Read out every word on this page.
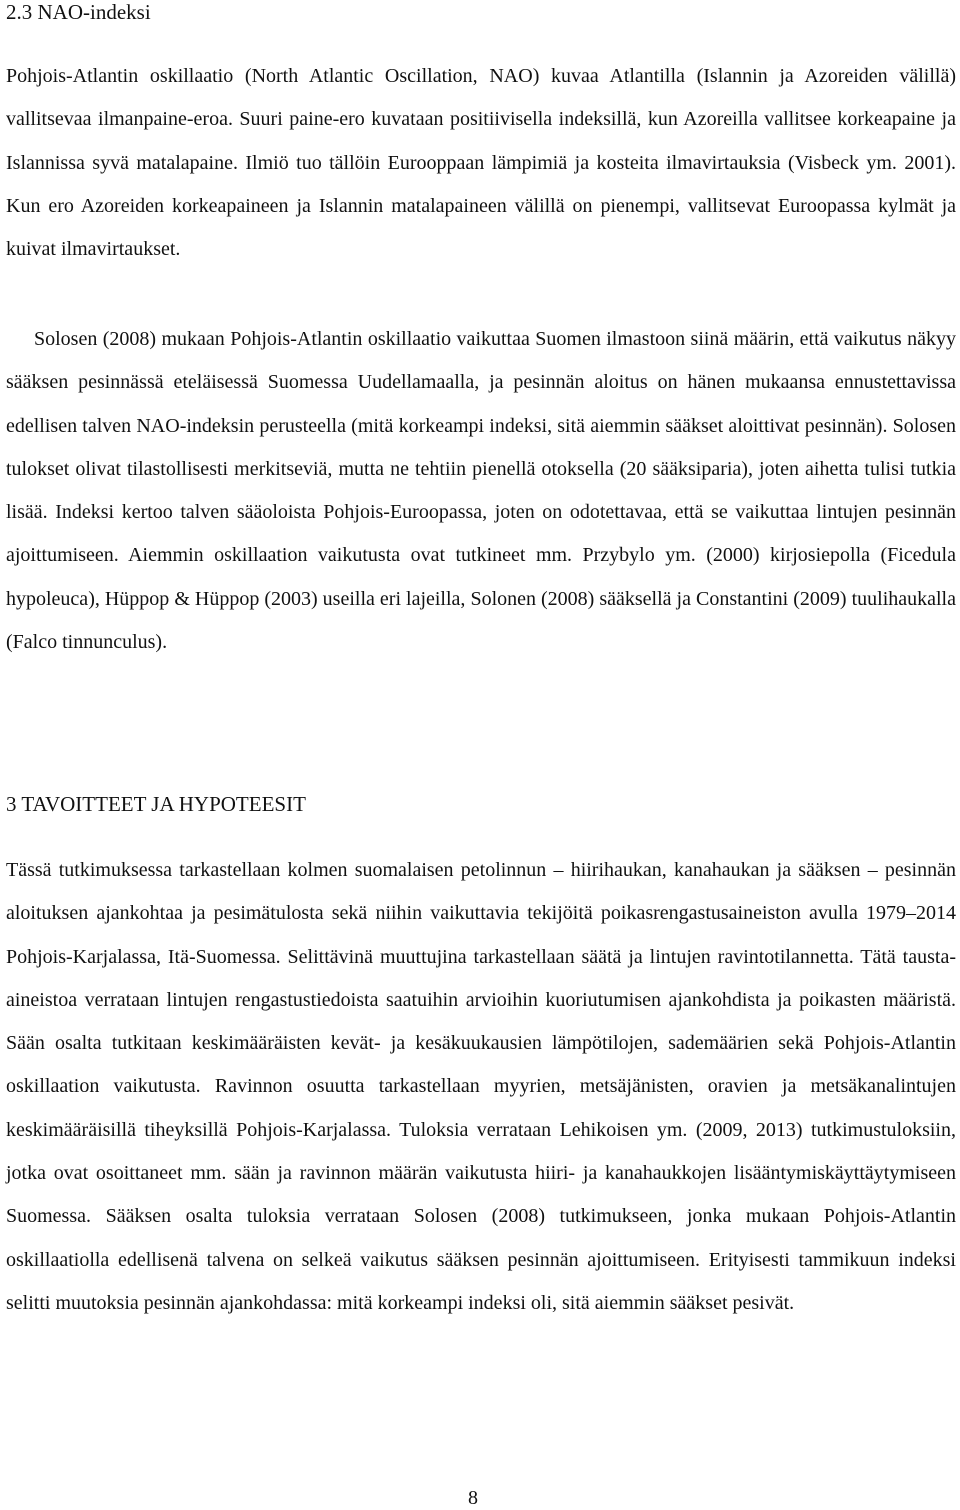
2.3 NAO-indeksi

Pohjois-Atlantin oskillaatio (North Atlantic Oscillation, NAO) kuvaa Atlantilla (Islannin ja Azoreiden välillä) vallitsevaa ilmanpaine-eroa. Suuri paine-ero kuvataan positiivisella indeksillä, kun Azoreilla vallitsee korkeapaine ja Islannissa syvä matalapaine. Ilmiö tuo tällöin Eurooppaan lämpimiä ja kosteita ilmavirtauksia (Visbeck ym. 2001). Kun ero Azoreiden korkeapaineen ja Islannin matalapaineen välillä on pienempi, vallitsevat Euroopassa kylmät ja kuivat ilmavirtaukset.

Solosen (2008) mukaan Pohjois-Atlantin oskillaatio vaikuttaa Suomen ilmastoon siinä määrin, että vaikutus näkyy sääksen pesinnässä eteläisessä Suomessa Uudellamaalla, ja pesinnän aloitus on hänen mukaansa ennustettavissa edellisen talven NAO-indeksin perusteella (mitä korkeampi indeksi, sitä aiemmin sääkset aloittivat pesinnän). Solosen tulokset olivat tilastollisesti merkitseviä, mutta ne tehtiin pienellä otoksella (20 sääksiparia), joten aihetta tulisi tutkia lisää. Indeksi kertoo talven sääoloista Pohjois-Euroopassa, joten on odotettavaa, että se vaikuttaa lintujen pesinnän ajoittumiseen. Aiemmin oskillaation vaikutusta ovat tutkineet mm. Przybylo ym. (2000) kirjosiepolla (Ficedula hypoleuca), Hüppop & Hüppop (2003) useilla eri lajeilla, Solonen (2008) sääksellä ja Constantini (2009) tuulihaukalla (Falco tinnunculus).

3 TAVOITTEET JA HYPOTEESIT

Tässä tutkimuksessa tarkastellaan kolmen suomalaisen petolinnun – hiirihaukan, kanahaukan ja sääksen – pesinnän aloituksen ajankohtaa ja pesimätulosta sekä niihin vaikuttavia tekijöitä poikasrengastusaineiston avulla 1979–2014 Pohjois-Karjalassa, Itä-Suomessa. Selittävinä muuttujina tarkastellaan säätä ja lintujen ravintotilannetta. Tätä tausta-aineistoa verrataan lintujen rengastustiedoista saatuihin arvioihin kuoriutumisen ajankohdista ja poikasten määristä. Sään osalta tutkitaan keskimääräisten kevät- ja kesäkuukausien lämpötilojen, sademäärien sekä Pohjois-Atlantin oskillaation vaikutusta. Ravinnon osuutta tarkastellaan myyrien, metsäjänisten, oravien ja metsäkanalintujen keskimääräisillä tiheyksillä Pohjois-Karjalassa. Tuloksia verrataan Lehikoisen ym. (2009, 2013) tutkimustuloksiin, jotka ovat osoittaneet mm. sään ja ravinnon määrän vaikutusta hiiri- ja kanahaukkojen lisääntymiskäyttäytymiseen Suomessa. Sääksen osalta tuloksia verrataan Solosen (2008) tutkimukseen, jonka mukaan Pohjois-Atlantin oskillaatiolla edellisenä talvena on selkeä vaikutus sääksen pesinnän ajoittumiseen. Erityisesti tammikuun indeksi selitti muutoksia pesinnän ajankohdassa: mitä korkeampi indeksi oli, sitä aiemmin sääkset pesivät.

8
